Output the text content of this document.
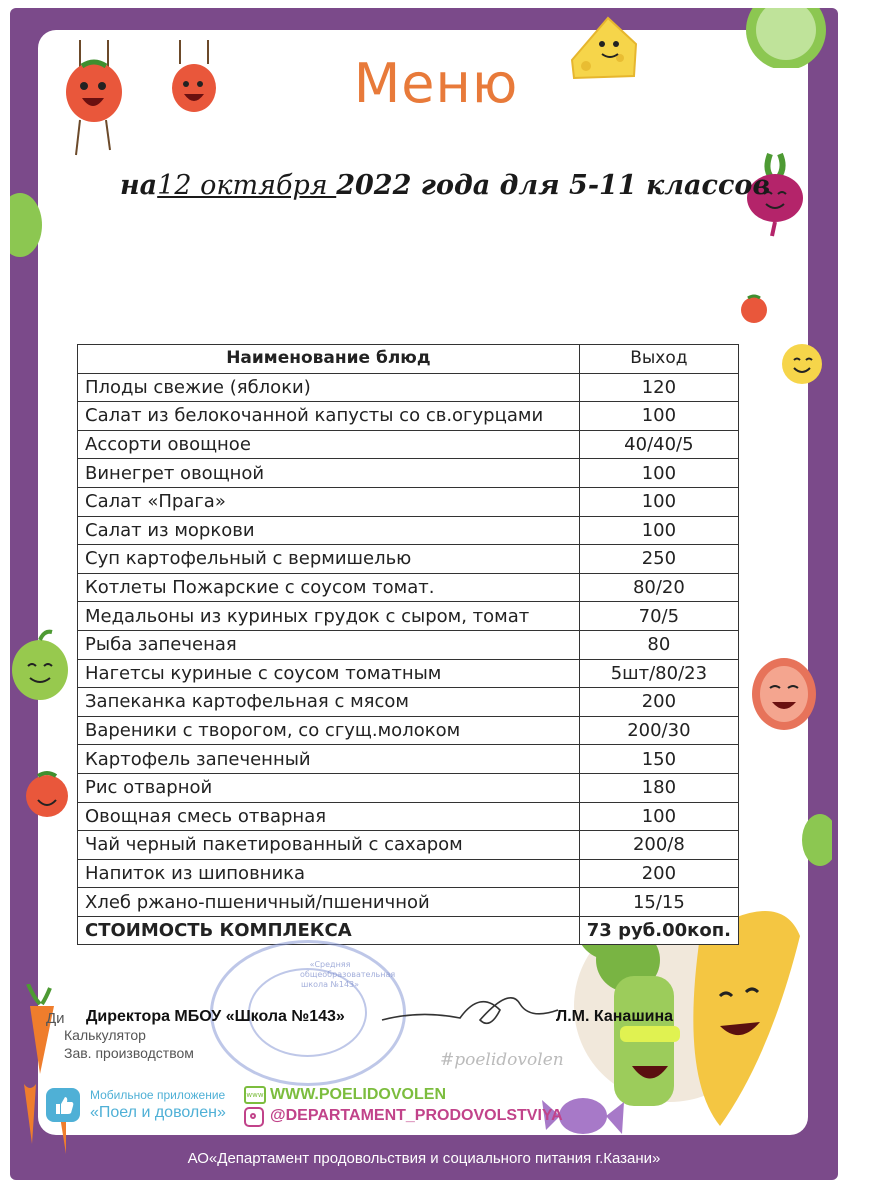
Меню
на12 октября 2022 года для 5-11 классов
Наименование блюд	Выход
Плоды свежие (яблоки)	120
Салат из белокочанной капусты со св.огурцами	100
Ассорти овощное	40/40/5
Винегрет овощной	100
Салат «Прага»	100
Салат из моркови	100
Суп картофельный с вермишелью	250
Котлеты Пожарские с соусом томат.	80/20
Медальоны из куриных грудок с сыром, томат	70/5
Рыба запеченая	80
Нагетсы куриные с соусом томатным	5шт/80/23
Запеканка картофельная с мясом	200
Вареники с творогом, со сгущ.молоком	200/30
Картофель запеченный	150
Рис отварной	180
Овощная смесь отварная	100
Чай черный пакетированный с сахаром	200/8
Напиток из шиповника	200
Хлеб ржано-пшеничный/пшеничной	15/15
СТОИМОСТЬ КОМПЛЕКСА	73 руб.00коп.
«Средняя общеобразовательная школа №143»
Ди Директора МБОУ «Школа №143»	Л.М. Канашина
Калькулятор
Зав. производством	#poelidovolen
Мобильное приложение
«Поел и доволен»
www WWW.POELIDOVOLEN
@DEPARTAMENT_PRODOVOLSTVIYA
АО«Департамент продовольствия и социального питания г.Казани»
